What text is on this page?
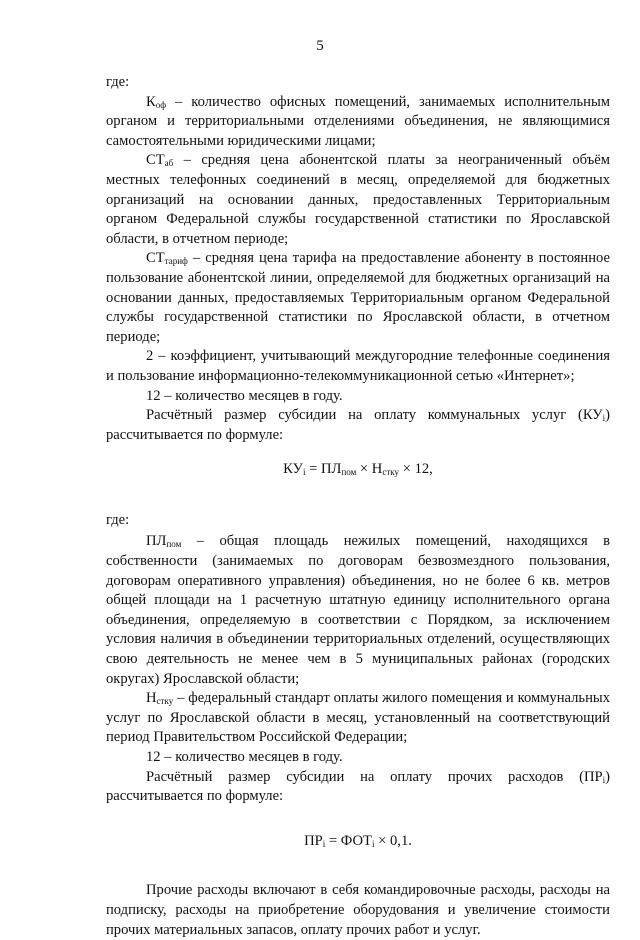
5

где:

$К_{оф}$ – количество офисных помещений, занимаемых исполнительным органом и территориальными отделениями объединения, не являющимися самостоятельными юридическими лицами;

$СТ_{аб}$ – средняя цена абонентской платы за неограниченный объём местных телефонных соединений в месяц, определяемой для бюджетных организаций на основании данных, предоставленных Территориальным органом Федеральной службы государственной статистики по Ярославской области, в отчетном периоде;

$СТ_{тариф}$ – средняя цена тарифа на предоставление абоненту в постоянное пользование абонентской линии, определяемой для бюджетных организаций на основании данных, предоставляемых Территориальным органом Федеральной службы государственной статистики по Ярославской области, в отчетном периоде;

2 – коэффициент, учитывающий междугородние телефонные соединения и пользование информационно-телекоммуникационной сетью «Интернет»;

12 – количество месяцев в году.

Расчётный размер субсидии на оплату коммунальных услуг $(КУ_i)$ рассчитывается по формуле:

$КУ_i = ПЛ_{пом} \times Н_{стку} \times 12$,

где:

$ПЛ_{пом}$ – общая площадь нежилых помещений, находящихся в собственности (занимаемых по договорам безвозмездного пользования, договорам оперативного управления) объединения, но не более 6 кв. метров общей площади на 1 расчетную штатную единицу исполнительного органа объединения, определяемую в соответствии с Порядком, за исключением условия наличия в объединении территориальных отделений, осуществляющих свою деятельность не менее чем в 5 муниципальных районах (городских округах) Ярославской области;

$Н_{стку}$ – федеральный стандарт оплаты жилого помещения и коммунальных услуг по Ярославской области в месяц, установленный на соответствующий период Правительством Российской Федерации;

12 – количество месяцев в году.

Расчётный размер субсидии на оплату прочих расходов $(ПР_i)$ рассчитывается по формуле:

$ПР_i = ФОТ_i \times 0,1$.

Прочие расходы включают в себя командировочные расходы, расходы на подписку, расходы на приобретение оборудования и увеличение стоимости прочих материальных запасов, оплату прочих работ и услуг.
